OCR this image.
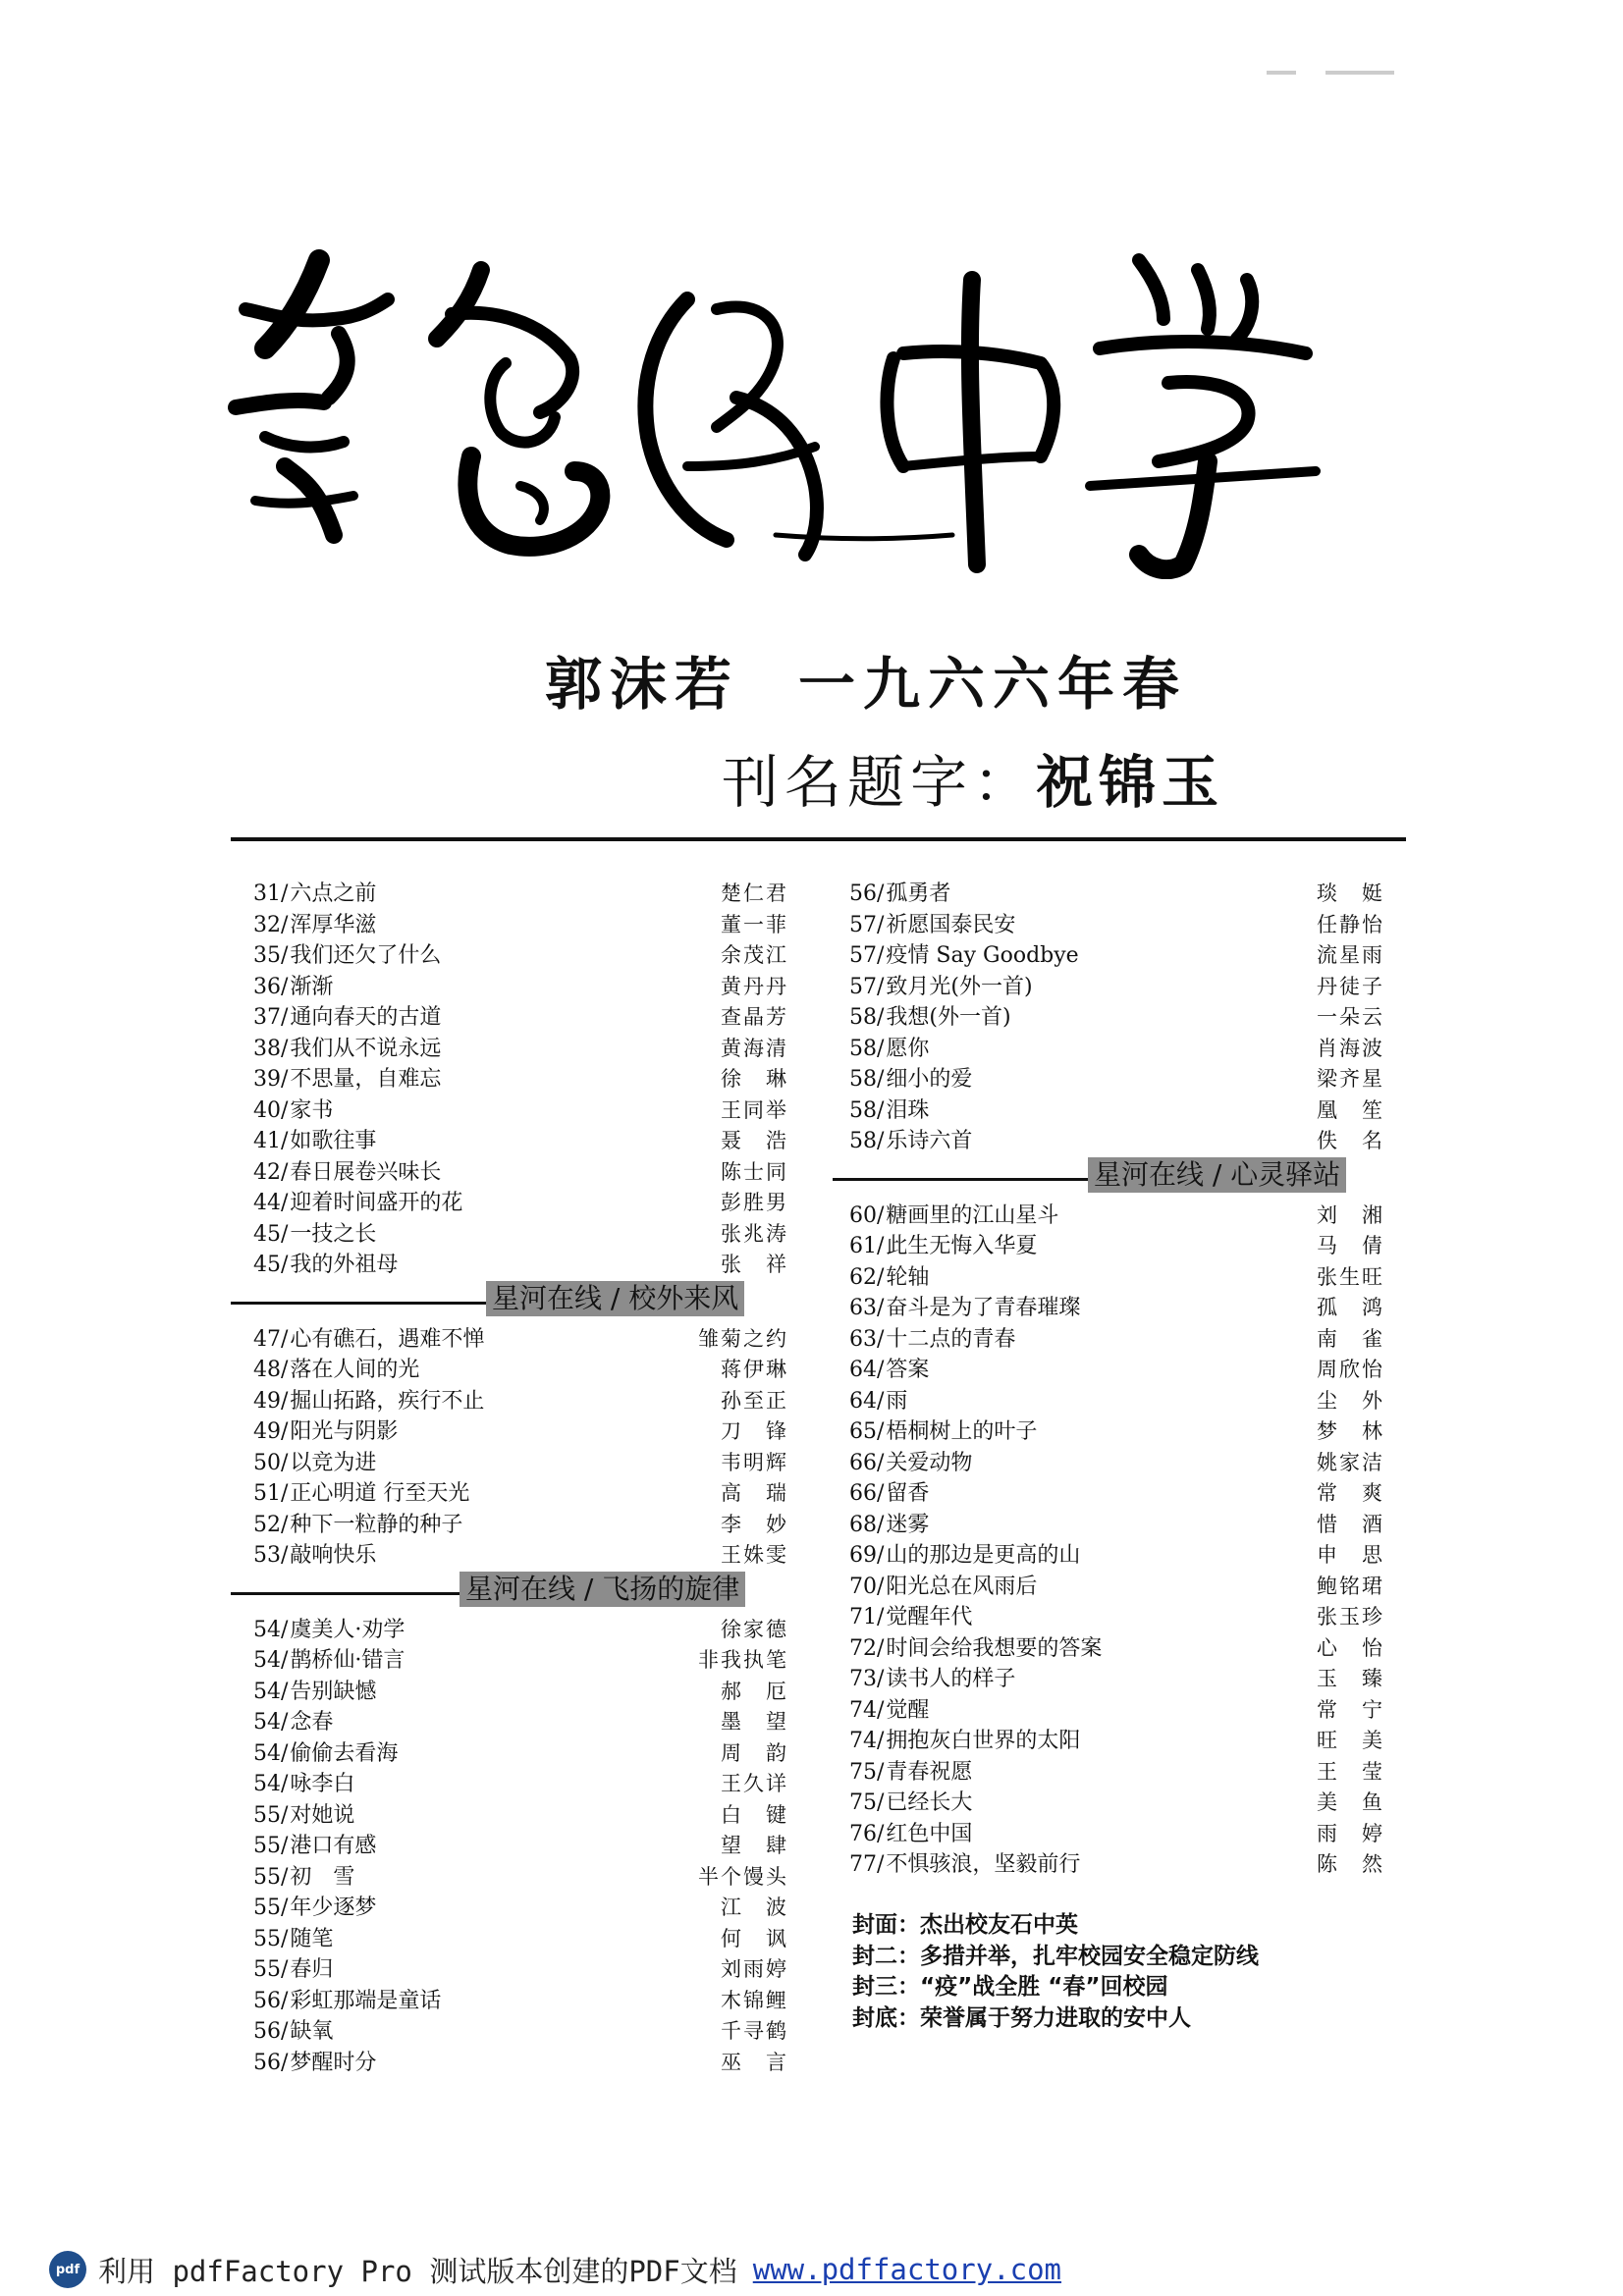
郭沫若 一九六六年春
刊名题字：祝锦玉
31/六点之前	楚仁君
32/浑厚华滋	董一菲
35/我们还欠了什么	余茂江
36/渐渐	黄丹丹
37/通向春天的古道	查晶芳
38/我们从不说永远	黄海清
39/不思量，自难忘	徐　琳
40/家书	王同举
41/如歌往事	聂　浩
42/春日展卷兴味长	陈士同
44/迎着时间盛开的花	彭胜男
45/一技之长	张兆涛
45/我的外祖母	张　祥
星河在线 / 校外来风
47/心有礁石，遇难不惮	雏菊之约
48/落在人间的光	蒋伊琳
49/掘山拓路，疾行不止	孙至正
49/阳光与阴影	刀　锋
50/以竞为进	韦明辉
51/正心明道 行至天光	高　瑞
52/种下一粒静的种子	李　妙
53/敲响快乐	王姝雯
星河在线 / 飞扬的旋律
54/虞美人·劝学	徐家德
54/鹊桥仙·错言	非我执笔
54/告别缺憾	郝　厄
54/念春	墨　望
54/偷偷去看海	周　韵
54/咏李白	王久详
55/对她说	白　键
55/港口有感	望　肆
55/初　雪	半个馒头
55/年少逐梦	江　波
55/随笔	何　讽
55/春归	刘雨婷
56/彩虹那端是童话	木锦鲤
56/缺氧	千寻鹤
56/梦醒时分	巫　言
56/孤勇者	琰　娗
57/祈愿国泰民安	任静怡
57/疫情 Say Goodbye	流星雨
57/致月光(外一首)	丹徒子
58/我想(外一首)	一朵云
58/愿你	肖海波
58/细小的爱	梁齐星
58/泪珠	凰　笙
58/乐诗六首	佚　名
星河在线 / 心灵驿站
60/糖画里的江山星斗	刘　湘
61/此生无悔入华夏	马　倩
62/轮轴	张生旺
63/奋斗是为了青春璀璨	孤　鸿
63/十二点的青春	南　雀
64/答案	周欣怡
64/雨	尘　外
65/梧桐树上的叶子	梦　林
66/关爱动物	姚家洁
66/留香	常　爽
68/迷雾	惜　酒
69/山的那边是更高的山	申　思
70/阳光总在风雨后	鲍铭珺
71/觉醒年代	张玉珍
72/时间会给我想要的答案	心　怡
73/读书人的样子	玉　臻
74/觉醒	常　宁
74/拥抱灰白世界的太阳	旺　美
75/青春祝愿	王　莹
75/已经长大	美　鱼
76/红色中国	雨　婷
77/不惧骇浪，坚毅前行	陈　然
封面：杰出校友石中英
封二：多措并举，扎牢校园安全稳定防线
封三：“疫”战全胜 “春”回校园
封底：荣誉属于努力进取的安中人
pdf 利用 pdfFactory Pro 测试版本创建的PDF文档 www.pdffactory.com
